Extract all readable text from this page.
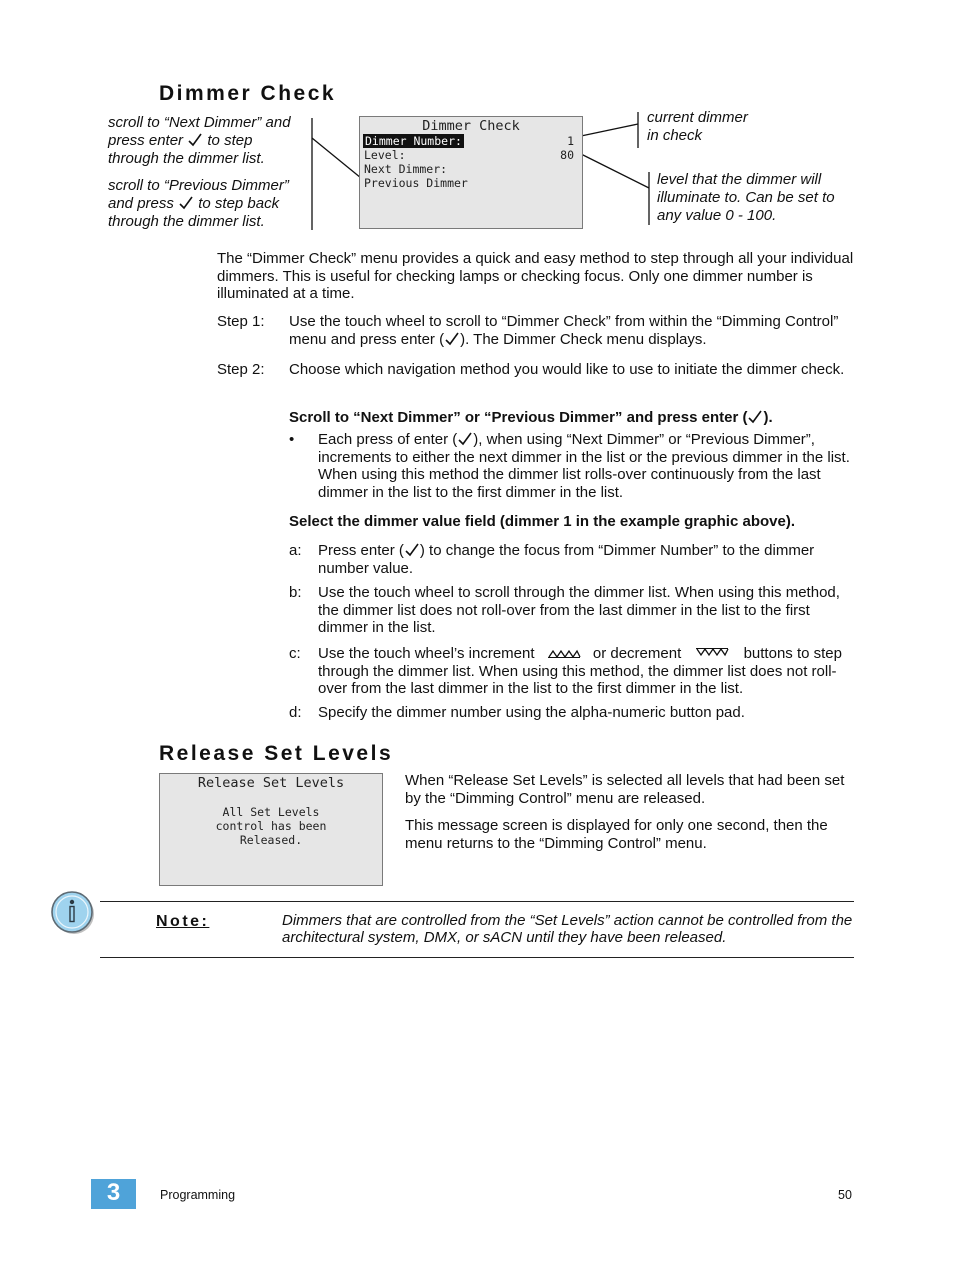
Dimmer Check
scroll to “Next Dimmer” and
press enter to step
through the dimmer list.
scroll to “Previous Dimmer”
and press to step back
through the dimmer list.
Dimmer Check
Dimmer Number:	1
Level:	80
Next Dimmer:
Previous Dimmer
current dimmer
in check
level that the dimmer will
illuminate to. Can be set to
any value 0 - 100.
The “Dimmer Check” menu provides a quick and easy method to step through all your individual dimmers. This is useful for checking lamps or checking focus. Only one dimmer number is illuminated at a time.
Step 1: Use the touch wheel to scroll to “Dimmer Check” from within the “Dimming Control” menu and press enter ( ). The Dimmer Check menu displays.
Step 2: Choose which navigation method you would like to use to initiate the dimmer check.
Scroll to “Next Dimmer” or “Previous Dimmer” and press enter ( ).
• Each press of enter ( ), when using “Next Dimmer” or “Previous Dimmer”, increments to either the next dimmer in the list or the previous dimmer in the list. When using this method the dimmer list rolls-over continuously from the last dimmer in the list to the first dimmer in the list.
Select the dimmer value field (dimmer 1 in the example graphic above).
a: Press enter ( ) to change the focus from “Dimmer Number” to the dimmer number value.
b: Use the touch wheel to scroll through the dimmer list. When using this method, the dimmer list does not roll-over from the last dimmer in the list to the first dimmer in the list.
c: Use the touch wheel’s increment	or decrement	buttons to step through the dimmer list. When using this method, the dimmer list does not roll-over from the last dimmer in the list to the first dimmer in the list.
d: Specify the dimmer number using the alpha-numeric button pad.
Release Set Levels
Release Set Levels
All Set Levels
control has been
Released.
When “Release Set Levels” is selected all levels that had been set by the “Dimming Control” menu are released.
This message screen is displayed for only one second, then the menu returns to the “Dimming Control” menu.
Note:	Dimmers that are controlled from the “Set Levels” action cannot be controlled from the architectural system, DMX, or sACN until they have been released.
3	Programming	50
